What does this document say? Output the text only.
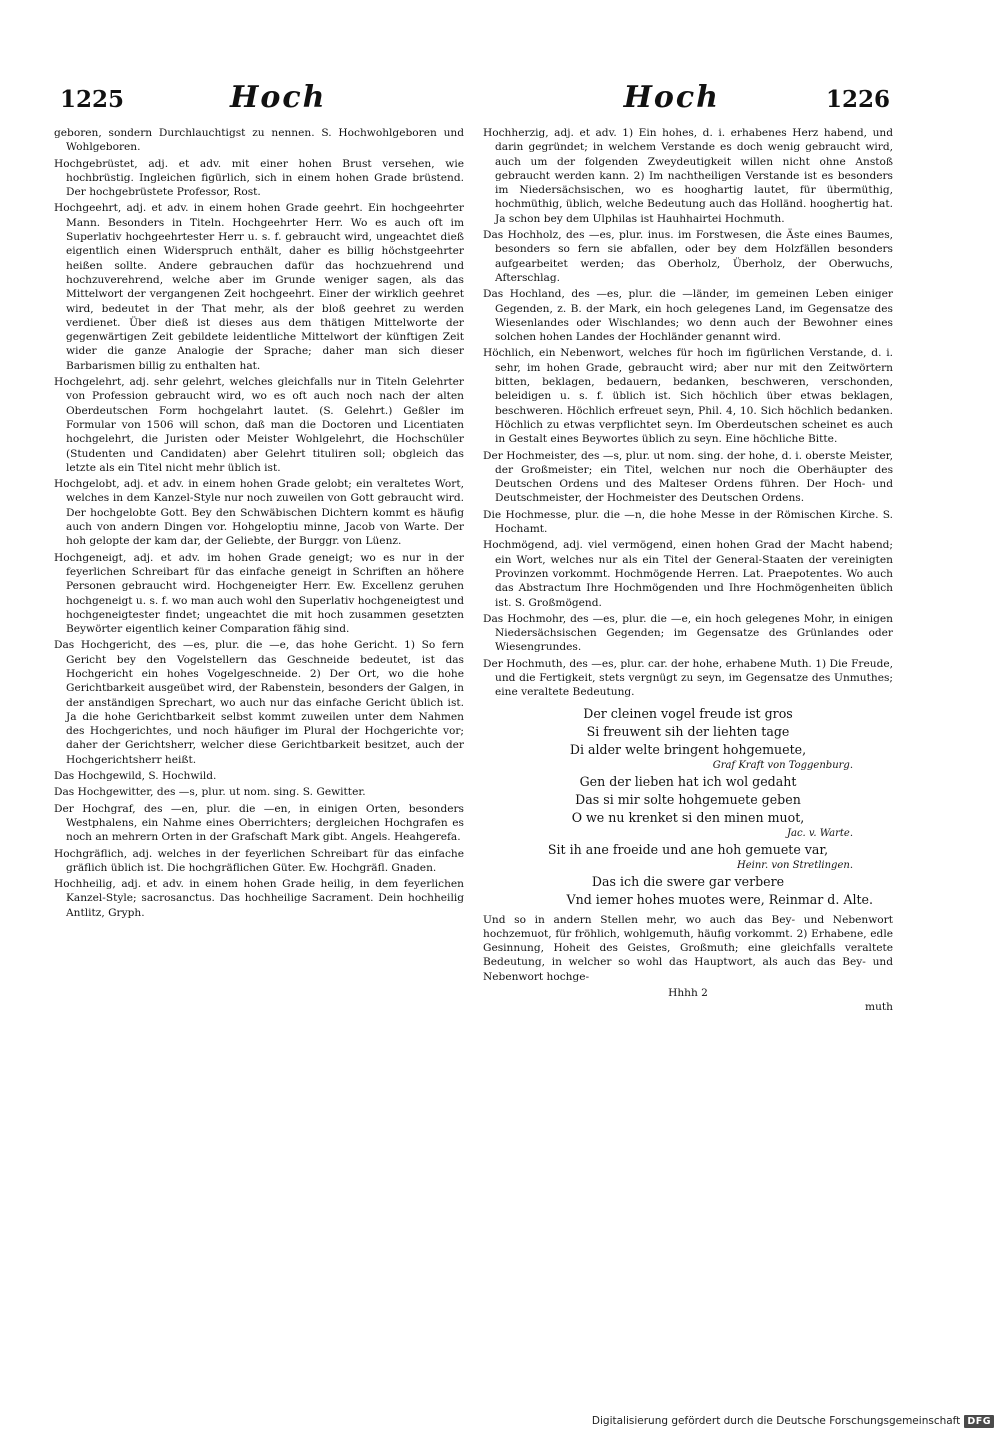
1225	Hoch	Hoch	1226

geboren, sondern Durchlauchtigst zu nennen. S. Hochwohlgeboren und Wohlgeboren.

Hochgebrüstet, adj. et adv. mit einer hohen Brust versehen, wie hochbrüstig. Ingleichen figürlich, sich in einem hohen Grade brüstend. Der hochgebrüstete Professor, Rost.

Hochgeehrt, adj. et adv. in einem hohen Grade geehrt. Ein hochgeehrter Mann. Besonders in Titeln. Hochgeehrter Herr. Wo es auch oft im Superlativ hochgeehrtester Herr u. s. f. gebraucht wird, ungeachtet dieß eigentlich einen Widerspruch enthält, daher es billig höchstgeehrter heißen sollte. Andere gebrauchen dafür das hochzuehrend und hochzuverehrend, welche aber im Grunde weniger sagen, als das Mittelwort der vergangenen Zeit hochgeehrt. Einer der wirklich geehret wird, bedeutet in der That mehr, als der bloß geehret zu werden verdienet. Über dieß ist dieses aus dem thätigen Mittelworte der gegenwärtigen Zeit gebildete leidentliche Mittelwort der künftigen Zeit wider die ganze Analogie der Sprache; daher man sich dieser Barbarismen billig zu enthalten hat.

Hochgelehrt, adj. sehr gelehrt, welches gleichfalls nur in Titeln Gelehrter von Profession gebraucht wird, wo es oft auch noch nach der alten Oberdeutschen Form hochgelahrt lautet. (S. Gelehrt.) Geßler im Formular von 1506 will schon, daß man die Doctoren und Licentiaten hochgelehrt, die Juristen oder Meister Wohlgelehrt, die Hochschüler (Studenten und Candidaten) aber Gelehrt tituliren soll; obgleich das letzte als ein Titel nicht mehr üblich ist.

Hochgelobt, adj. et adv. in einem hohen Grade gelobt; ein veraltetes Wort, welches in dem Kanzel-Style nur noch zuweilen von Gott gebraucht wird. Der hochgelobte Gott. Bey den Schwäbischen Dichtern kommt es häufig auch von andern Dingen vor. Hohgeloptiu minne, Jacob von Warte. Der hoh gelopte der kam dar, der Geliebte, der Burggr. von Lüenz.

Hochgeneigt, adj. et adv. im hohen Grade geneigt; wo es nur in der feyerlichen Schreibart für das einfache geneigt in Schriften an höhere Personen gebraucht wird. Hochgeneigter Herr. Ew. Excellenz geruhen hochgeneigt u. s. f. wo man auch wohl den Superlativ hochgeneigtest und hochgeneigtester findet; ungeachtet die mit hoch zusammen gesetzten Beywörter eigentlich keiner Comparation fähig sind.

Das Hochgericht, des —es, plur. die —e, das hohe Gericht. 1) So fern Gericht bey den Vogelstellern das Geschneide bedeutet, ist das Hochgericht ein hohes Vogelgeschneide. 2) Der Ort, wo die hohe Gerichtbarkeit ausgeübet wird, der Rabenstein, besonders der Galgen, in der anständigen Sprechart, wo auch nur das einfache Gericht üblich ist. Ja die hohe Gerichtbarkeit selbst kommt zuweilen unter dem Nahmen des Hochgerichtes, und noch häufiger im Plural der Hochgerichte vor; daher der Gerichtsherr, welcher diese Gerichtbarkeit besitzet, auch der Hochgerichtsherr heißt.

Das Hochgewild, S. Hochwild.

Das Hochgewitter, des —s, plur. ut nom. sing. S. Gewitter.

Der Hochgraf, des —en, plur. die —en, in einigen Orten, besonders Westphalens, ein Nahme eines Oberrichters; dergleichen Hochgrafen es noch an mehrern Orten in der Grafschaft Mark gibt. Angels. Heahgerefa.

Hochgräflich, adj. welches in der feyerlichen Schreibart für das einfache gräflich üblich ist. Die hochgräflichen Güter. Ew. Hochgräfl. Gnaden.

Hochheilig, adj. et adv. in einem hohen Grade heilig, in dem feyerlichen Kanzel-Style; sacrosanctus. Das hochheilige Sacrament. Dein hochheilig Antlitz, Gryph.

Hochherzig, adj. et adv. 1) Ein hohes, d. i. erhabenes Herz habend, und darin gegründet; in welchem Verstande es doch wenig gebraucht wird, auch um der folgenden Zweydeutigkeit willen nicht ohne Anstoß gebraucht werden kann. 2) Im nachtheiligen Verstande ist es besonders im Niedersächsischen, wo es hooghartig lautet, für übermüthig, hochmüthig, üblich, welche Bedeutung auch das Holländ. hooghertig hat. Ja schon bey dem Ulphilas ist Hauhhairtei Hochmuth.

Das Hochholz, des —es, plur. inus. im Forstwesen, die Äste eines Baumes, besonders so fern sie abfallen, oder bey dem Holzfällen besonders aufgearbeitet werden; das Oberholz, Überholz, der Oberwuchs, Afterschlag.

Das Hochland, des —es, plur. die —länder, im gemeinen Leben einiger Gegenden, z. B. der Mark, ein hoch gelegenes Land, im Gegensatze des Wiesenlandes oder Wischlandes; wo denn auch der Bewohner eines solchen hohen Landes der Hochländer genannt wird.

Höchlich, ein Nebenwort, welches für hoch im figürlichen Verstande, d. i. sehr, im hohen Grade, gebraucht wird; aber nur mit den Zeitwörtern bitten, beklagen, bedauern, bedanken, beschweren, verschonden, beleidigen u. s. f. üblich ist. Sich höchlich über etwas beklagen, beschweren. Höchlich erfreuet seyn, Phil. 4, 10. Sich höchlich bedanken. Höchlich zu etwas verpflichtet seyn. Im Oberdeutschen scheinet es auch in Gestalt eines Beywortes üblich zu seyn. Eine höchliche Bitte.

Der Hochmeister, des —s, plur. ut nom. sing. der hohe, d. i. oberste Meister, der Großmeister; ein Titel, welchen nur noch die Oberhäupter des Deutschen Ordens und des Malteser Ordens führen. Der Hoch- und Deutschmeister, der Hochmeister des Deutschen Ordens.

Die Hochmesse, plur. die —n, die hohe Messe in der Römischen Kirche. S. Hochamt.

Hochmögend, adj. viel vermögend, einen hohen Grad der Macht habend; ein Wort, welches nur als ein Titel der General-Staaten der vereinigten Provinzen vorkommt. Hochmögende Herren. Lat. Praepotentes. Wo auch das Abstractum Ihre Hochmögenden und Ihre Hochmögenheiten üblich ist. S. Großmögend.

Das Hochmohr, des —es, plur. die —e, ein hoch gelegenes Mohr, in einigen Niedersächsischen Gegenden; im Gegensatze des Grünlandes oder Wiesengrundes.

Der Hochmuth, des —es, plur. car. der hohe, erhabene Muth. 1) Die Freude, und die Fertigkeit, stets vergnügt zu seyn, im Gegensatze des Unmuthes; eine veraltete Bedeutung.

Der cleinen vogel freude ist gros
Si freuwent sih der liehten tage
Di alder welte bringent hohgemuete,
Graf Kraft von Toggenburg.
Gen der lieben hat ich wol gedaht
Das si mir solte hohgemuete geben
O we nu krenket si den minen muot,
Jac. v. Warte.
Sit ih ane froeide und ane hoh gemuete var,
Heinr. von Stretlingen.
Das ich die swere gar verbere
Vnd iemer hohes muotes were, Reinmar d. Alte.

Und so in andern Stellen mehr, wo auch das Bey- und Nebenwort hochzemuot, für fröhlich, wohlgemuth, häufig vorkommt. 2) Erhabene, edle Gesinnung, Hoheit des Geistes, Großmuth; eine gleichfalls veraltete Bedeutung, in welcher so wohl das Hauptwort, als auch das Bey- und Nebenwort hochge-

Hhhh 2
muth
Digitalisierung gefördert durch die Deutsche Forschungsgemeinschaft DFG
